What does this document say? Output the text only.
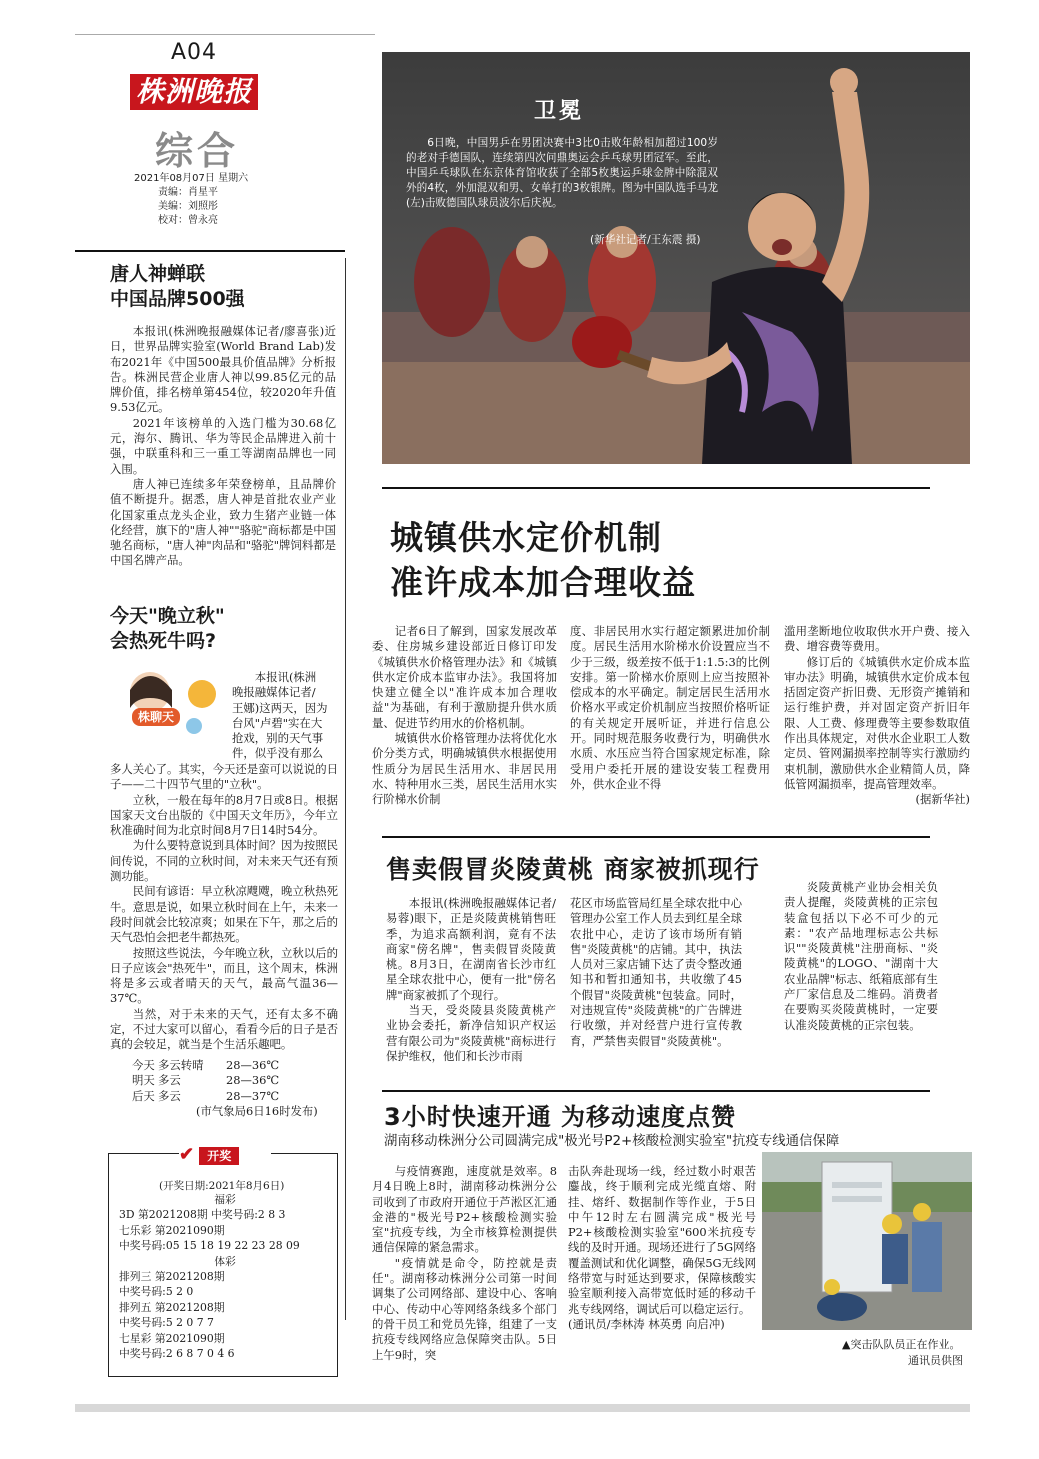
A04
株洲晚报
综合
2021年08月07日 星期六
责编：肖星平
美编：刘照彤
校对：曾永亮
卫冕
6日晚，中国男乒在男团决赛中3比0击败年龄相加超过100岁的老对手德国队，连续第四次问鼎奥运会乒乓球男团冠军。至此，中国乒乓球队在东京体育馆收获了全部5枚奥运乒球金牌中除混双外的4枚，外加混双和男、女单打的3枚银牌。图为中国队选手马龙(左)击败德国队球员波尔后庆祝。
(新华社记者/王东震 摄)
唐人神蝉联
中国品牌500强

本报讯(株洲晚报融媒体记者/廖喜张)近日，世界品牌实验室(World Brand Lab)发布2021年《中国500最具价值品牌》分析报告。株洲民营企业唐人神以99.85亿元的品牌价值，排名榜单第454位，较2020年升值9.53亿元。

2021年该榜单的入选门槛为30.68亿元，海尔、腾讯、华为等民企品牌进入前十强，中联重科和三一重工等湖南品牌也一同入围。

唐人神已连续多年荣登榜单，且品牌价值不断提升。据悉，唐人神是首批农业产业化国家重点龙头企业，致力生猪产业链一体化经营，旗下的"唐人神""骆驼"商标都是中国驰名商标，"唐人神"肉品和"骆驼"牌饲料都是中国名牌产品。

今天"晚立秋"
会热死牛吗?
株聊天
本报讯(株洲
晚报融媒体记者/
王娜)这两天，因为
台风"卢碧"实在大
抢戏，别的天气事
件，似乎没有那么

多人关心了。其实，今天还是蛮可以说说的日子——二十四节气里的"立秋"。

立秋，一般在每年的8月7日或8日。根据国家天文台出版的《中国天文年历》，今年立秋准确时间为北京时间8月7日14时54分。

为什么要特意说到具体时间？因为按照民间传说，不同的立秋时间，对未来天气还有预测功能。

民间有谚语：早立秋凉飕飕，晚立秋热死牛。意思是说，如果立秋时间在上午，未来一段时间就会比较凉爽；如果在下午，那之后的天气恐怕会把老牛都热死。

按照这些说法，今年晚立秋，立秋以后的日子应该会"热死牛"，而且，这个周末，株洲将是多云或者晴天的天气，最高气温36—37℃。

当然，对于未来的天气，还有太多不确定，不过大家可以留心，看看今后的日子是否真的会较足，就当是个生活乐趣吧。

今天 多云转晴	28—36℃
明天 多云	28—36℃
后天 多云	28—37℃
(市气象局6日16时发布)
✔ 开奖
(开奖日期:2021年8月6日)
福彩
3D 第2021208期 中奖号码:2 8 3
七乐彩 第2021090期
中奖号码:05 15 18 19 22 23 28 09
体彩
排列三 第2021208期
中奖号码:5 2 0
排列五 第2021208期
中奖号码:5 2 0 7 7
七星彩 第2021090期
中奖号码:2 6 8 7 0 4 6
城镇供水定价机制
准许成本加合理收益

记者6日了解到，国家发展改革委、住房城乡建设部近日修订印发《城镇供水价格管理办法》和《城镇供水定价成本监审办法》。我国将加快建立健全以"准许成本加合理收益"为基础，有利于激励提升供水质量、促进节约用水的价格机制。

城镇供水价格管理办法将优化水价分类方式，明确城镇供水根据使用性质分为居民生活用水、非居民用水、特种用水三类，居民生活用水实行阶梯水价制

度、非居民用水实行超定额累进加价制度。居民生活用水阶梯水价设置应当不少于三级，级差按不低于1:1.5:3的比例安排。第一阶梯水价原则上应当按照补偿成本的水平确定。制定居民生活用水价格水平或定价机制应当按照价格听证的有关规定开展听证，并进行信息公开。同时规范服务收费行为，明确供水水质、水压应当符合国家规定标准，除受用户委托开展的建设安装工程费用外，供水企业不得

滥用垄断地位收取供水开户费、接入费、增容费等费用。

修订后的《城镇供水定价成本监审办法》明确，城镇供水定价成本包括固定资产折旧费、无形资产摊销和运行维护费，并对固定资产折旧年限、人工费、修理费等主要参数取值作出具体规定，对供水企业职工人数定员、管网漏损率控制等实行激励约束机制，激励供水企业精简人员，降低管网漏损率，提高管理效率。

(据新华社)
售卖假冒炎陵黄桃 商家被抓现行

本报讯(株洲晚报融媒体记者/易蓉)眼下，正是炎陵黄桃销售旺季，为追求高额利润，竟有不法商家"傍名牌"，售卖假冒炎陵黄桃。8月3日，在湖南省长沙市红星全球农批中心，便有一批"傍名牌"商家被抓了个现行。

当天，受炎陵县炎陵黄桃产业协会委托，新净信知识产权运营有限公司为"炎陵黄桃"商标进行保护维权，他们和长沙市雨

花区市场监管局红星全球农批中心管理办公室工作人员去到红星全球农批中心，走访了该市场所有销售"炎陵黄桃"的店铺。其中，执法人员对三家店铺下达了责令整改通知书和暂扣通知书，共收缴了45个假冒"炎陵黄桃"包装盒。同时，对违规宣传"炎陵黄桃"的广告牌进行收缴，并对经营户进行宣传教育，严禁售卖假冒"炎陵黄桃"。

炎陵黄桃产业协会相关负责人提醒，炎陵黄桃的正宗包装盒包括以下必不可少的元素："农产品地理标志公共标识""炎陵黄桃"注册商标、"炎陵黄桃"的LOGO、"湖南十大农业品牌"标志、纸箱底部有生产厂家信息及二维码。消费者在要购买炎陵黄桃时，一定要认准炎陵黄桃的正宗包装。

3小时快速开通 为移动速度点赞
湖南移动株洲分公司圆满完成"极光号P2+核酸检测实验室"抗疫专线通信保障

与疫情赛跑，速度就是效率。8月4日晚上8时，湖南移动株洲分公司收到了市政府开通位于芦淞区汇通金港的"极光号P2+核酸检测实验室"抗疫专线，为全市核算检测提供通信保障的紧急需求。

"疫情就是命令，防控就是责任"。湖南移动株洲分公司第一时间调集了公司网络部、建设中心、客响中心、传动中心等网络条线多个部门的骨干员工和党员先锋，组建了一支抗疫专线网络应急保障突击队。5日上午9时，突

击队奔赴现场一线，经过数小时艰苦鏖战，终于顺利完成光缆直熔、附挂、熔纤、数据制作等作业，于5日中午12时左右圆满完成"极光号P2+核酸检测实验室"600米抗疫专线的及时开通。现场还进行了5G网络覆盖测试和优化调整，确保5G无线网络带宽与时延达到要求，保障核酸实验室顺利接入高带宽低时延的移动千兆专线网络，调试后可以稳定运行。

(通讯员/李林涛 林英勇 向启冲)

▲突击队队员正在作业。
通讯员供图
